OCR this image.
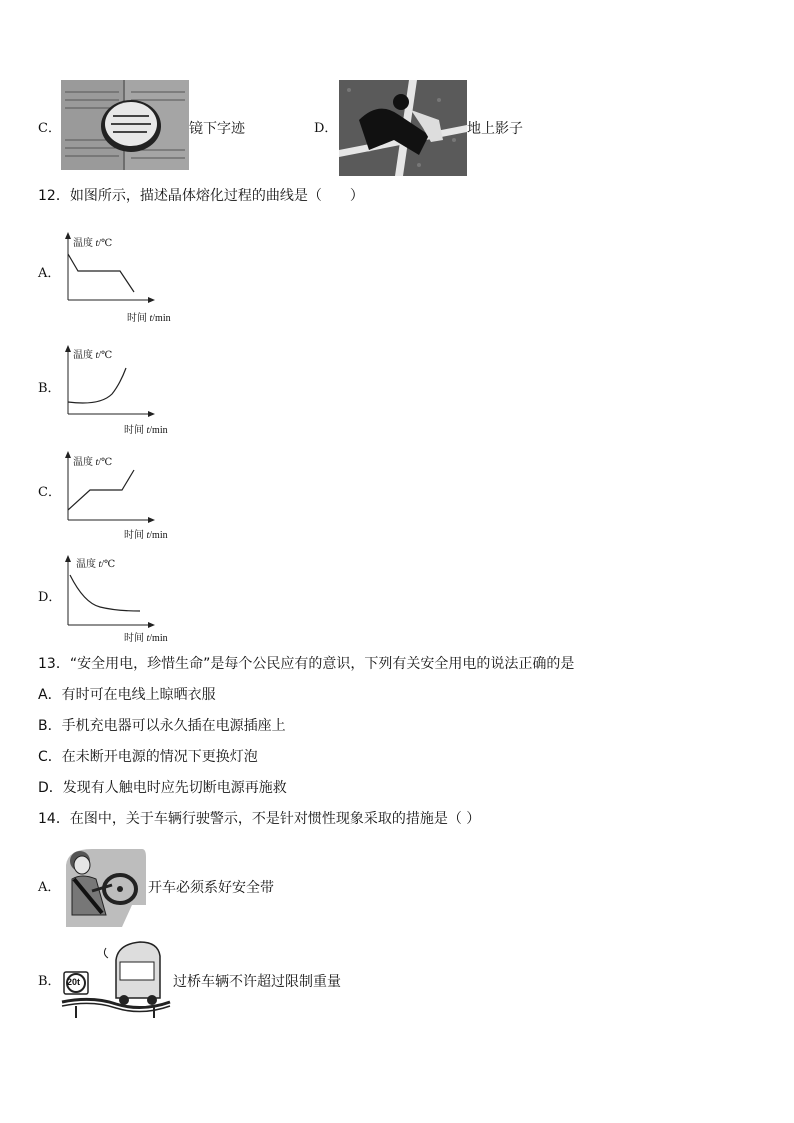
C．	镜下字迹	D．	地上影子
12．如图所示，描述晶体熔化过程的曲线是（　　）
A．
温度 t/℃
时间 t/min
B．
温度 t/℃
时间 t/min
C．
温度 t/℃
时间 t/min
D．
温度 t/℃
时间 t/min
13．“安全用电，珍惜生命”是每个公民应有的意识，下列有关安全用电的说法正确的是
A．有时可在电线上晾晒衣服
B．手机充电器可以永久插在电源插座上
C．在未断开电源的情况下更换灯泡
D．发现有人触电时应先切断电源再施救
14．在图中，关于车辆行驶警示，不是针对惯性现象采取的措施是（ ）
A．	开车必须系好安全带
B． 20t	过桥车辆不许超过限制重量
